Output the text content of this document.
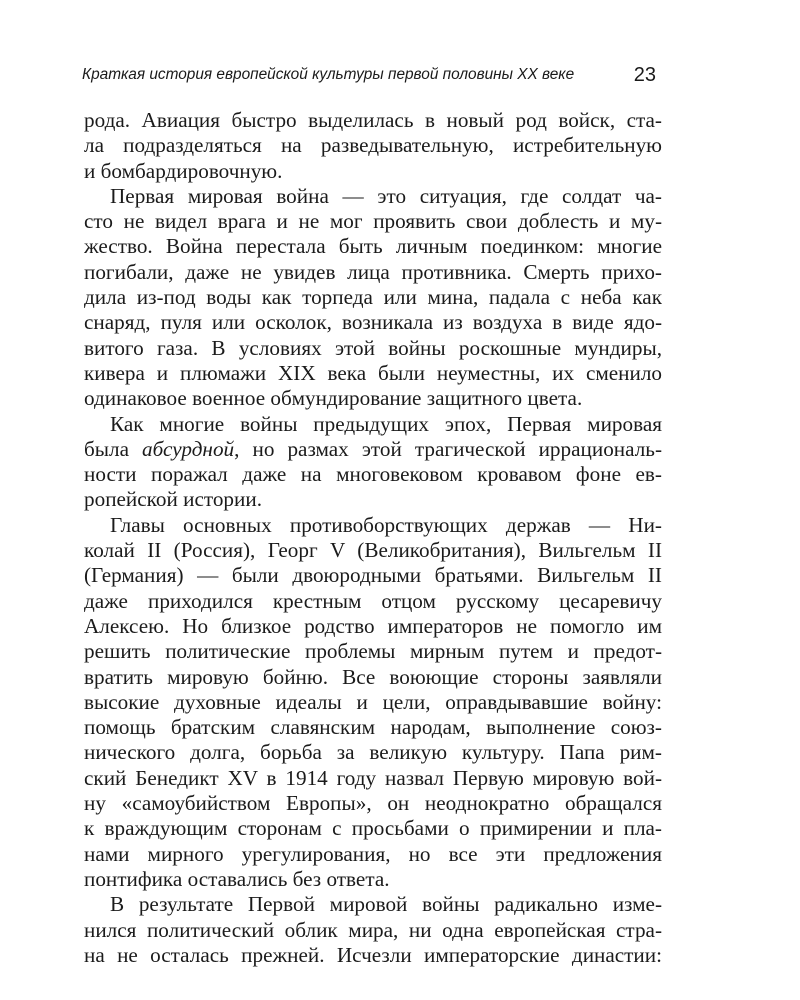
Краткая история европейской культуры первой половины XX веке	23
рода. Авиация быстро выделилась в новый род войск, ста-
ла подразделяться на разведывательную, истребительную
и бомбардировочную.
Первая мировая война — это ситуация, где солдат ча-
сто не видел врага и не мог проявить свои доблесть и му-
жество. Война перестала быть личным поединком: многие
погибали, даже не увидев лица противника. Смерть прихо-
дила из-под воды как торпеда или мина, падала с неба как
снаряд, пуля или осколок, возникала из воздуха в виде ядо-
витого газа. В условиях этой войны роскошные мундиры,
кивера и плюмажи XIX века были неуместны, их сменило
одинаковое военное обмундирование защитного цвета.
Как многие войны предыдущих эпох, Первая мировая
была абсурдной, но размах этой трагической иррациональ-
ности поражал даже на многовековом кровавом фоне ев-
ропейской истории.
Главы основных противоборствующих держав — Ни-
колай II (Россия), Георг V (Великобритания), Вильгельм II
(Германия) — были двоюродными братьями. Вильгельм II
даже приходился крестным отцом русскому цесаревичу
Алексею. Но близкое родство императоров не помогло им
решить политические проблемы мирным путем и предот-
вратить мировую бойню. Все воюющие стороны заявляли
высокие духовные идеалы и цели, оправдывавшие войну:
помощь братским славянским народам, выполнение союз-
нического долга, борьба за великую культуру. Папа рим-
ский Бенедикт XV в 1914 году назвал Первую мировую вой-
ну «самоубийством Европы», он неоднократно обращался
к враждующим сторонам с просьбами о примирении и пла-
нами мирного урегулирования, но все эти предложения
понтифика оставались без ответа.
В результате Первой мировой войны радикально изме-
нился политический облик мира, ни одна европейская стра-
на не осталась прежней. Исчезли императорские династии:
